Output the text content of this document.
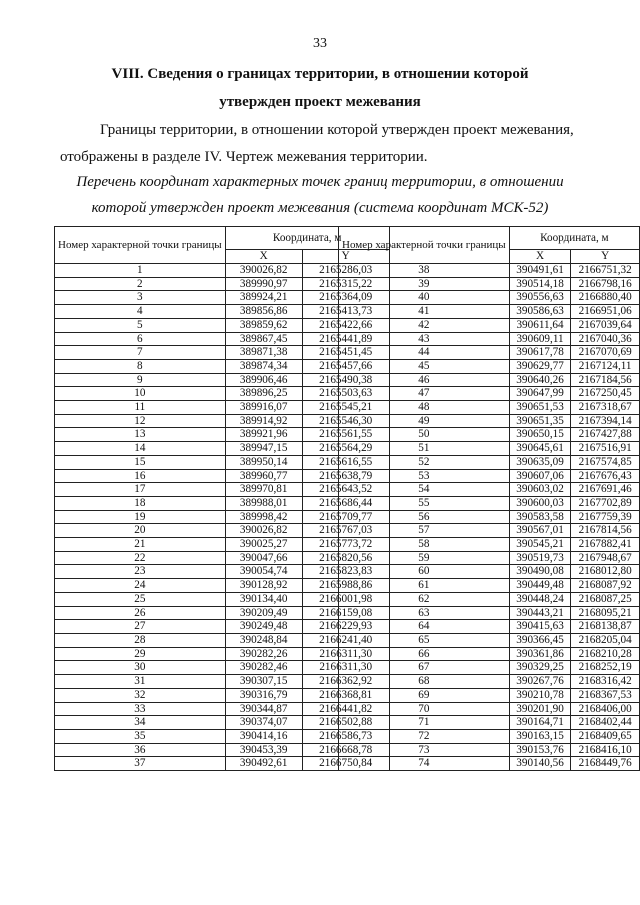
33
VIII. Сведения о границах территории, в отношении которой
утвержден проект межевания
Границы территории, в отношении которой утвержден проект межевания,
отображены в разделе IV. Чертеж межевания территории.
Перечень координат характерных точек границ территории, в отношении
которой утвержден проект межевания (система координат МСК-52)
Номер характерной точки границы	Координата, м	
	X	Y
1	390026,82	2165286,03
2	389990,97	2165315,22
3	389924,21	2165364,09
4	389856,86	2165413,73
5	389859,62	2165422,66
6	389867,45	2165441,89
7	389871,38	2165451,45
8	389874,34	2165457,66
9	389906,46	2165490,38
10	389896,25	2165503,63
11	389916,07	2165545,21
12	389914,92	2165546,30
13	389921,96	2165561,55
14	389947,15	2165564,29
15	389950,14	2165616,55
16	389960,77	2165638,79
17	389970,81	2165643,52
18	389988,01	2165686,44
19	389998,42	2165709,77
20	390026,82	2165767,03
21	390025,27	2165773,72
22	390047,66	2165820,56
23	390054,74	2165823,83
24	390128,92	2165988,86
25	390134,40	2166001,98
26	390209,49	2166159,08
27	390249,48	2166229,93
28	390248,84	2166241,40
29	390282,26	2166311,30
30	390282,46	2166311,30
31	390307,15	2166362,92
32	390316,79	2166368,81
33	390344,87	2166441,82
34	390374,07	2166502,88
35	390414,16	2166586,73
36	390453,39	2166668,78
37	390492,61	2166750,84
Номер характерной точки границы	Координата, м	
	X	Y
38	390491,61	2166751,32
39	390514,18	2166798,16
40	390556,63	2166880,40
41	390586,63	2166951,06
42	390611,64	2167039,64
43	390609,11	2167040,36
44	390617,78	2167070,69
45	390629,77	2167124,11
46	390640,26	2167184,56
47	390647,99	2167250,45
48	390651,53	2167318,67
49	390651,35	2167394,14
50	390650,15	2167427,88
51	390645,61	2167516,91
52	390635,09	2167574,85
53	390607,06	2167676,43
54	390603,02	2167691,46
55	390600,03	2167702,89
56	390583,58	2167759,39
57	390567,01	2167814,56
58	390545,21	2167882,41
59	390519,73	2167948,67
60	390490,08	2168012,80
61	390449,48	2168087,92
62	390448,24	2168087,25
63	390443,21	2168095,21
64	390415,63	2168138,87
65	390366,45	2168205,04
66	390361,86	2168210,28
67	390329,25	2168252,19
68	390267,76	2168316,42
69	390210,78	2168367,53
70	390201,90	2168406,00
71	390164,71	2168402,44
72	390163,15	2168409,65
73	390153,76	2168416,10
74	390140,56	2168449,76
